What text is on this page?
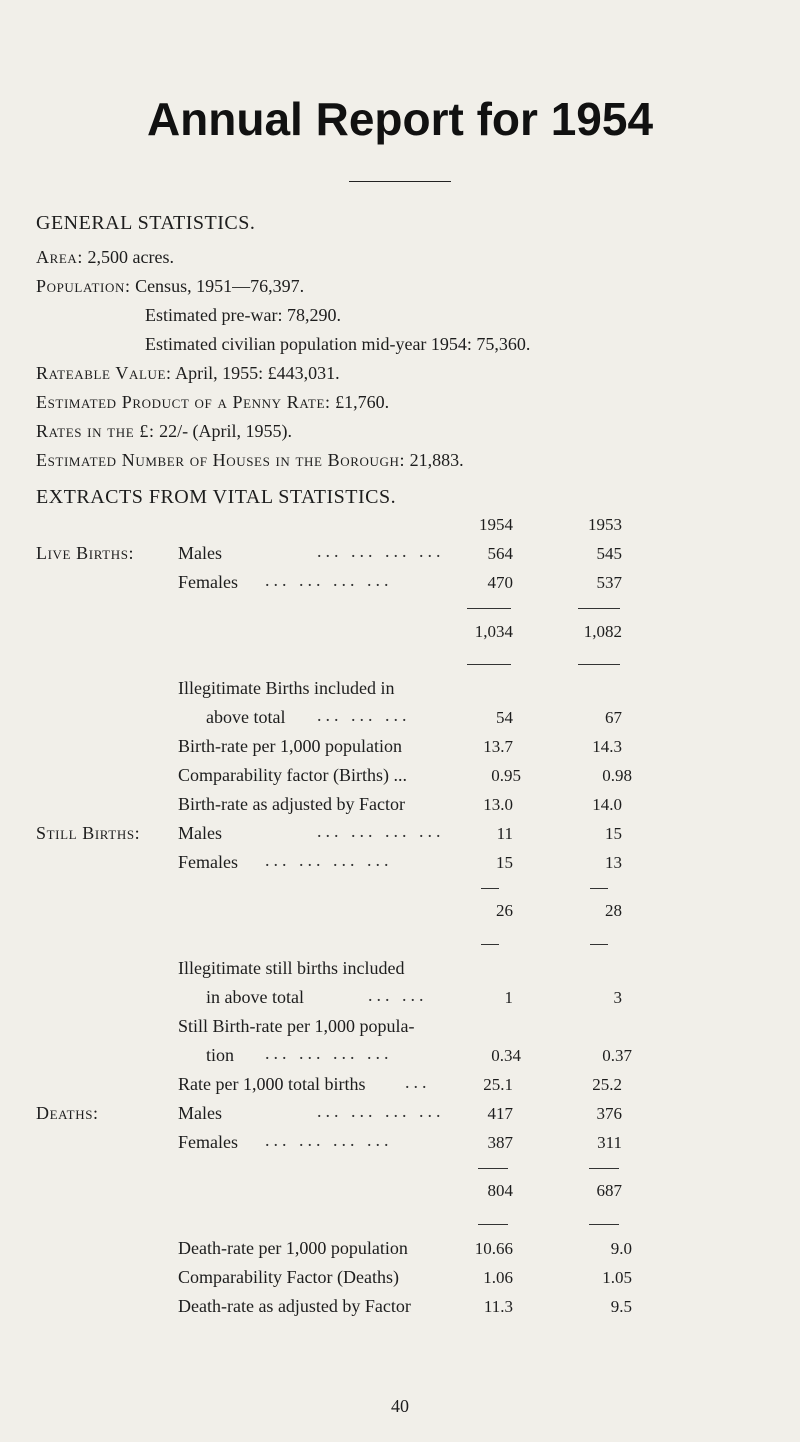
Annual Report for 1954
GENERAL STATISTICS.
Area: 2,500 acres.
Population: Census, 1951—76,397.
Estimated pre-war: 78,290.
Estimated civilian population mid-year 1954: 75,360.
Rateable Value: April, 1955: £443,031.
Estimated Product of a Penny Rate: £1,760.
Rates in the £: 22/- (April, 1955).
Estimated Number of Houses in the Borough: 21,883.
EXTRACTS FROM VITAL STATISTICS.
1954	1953
Live Births: Males	... ... ... ...	564	545
Females ... ... ... ...	470	537
1,034	1,082
Illegitimate Births included in
above total ... ... ...	54	67
Birth-rate per 1,000 population	13.7	14.3
Comparability factor (Births) ...	0.95	0.98
Birth-rate as adjusted by Factor	13.0	14.0
Still Births: Males	... ... ... ...	11	15
Females ... ... ... ...	15	13
26	28
Illegitimate still births included
in above total	... ...	1	3
Still Birth-rate per 1,000 popula-
tion ... ... ... ...	0.34	0.37
Rate per 1,000 total births ...	25.1	25.2
Deaths:	Males	... ... ... ...	417	376
Females ... ... ... ...	387	311
804	687
Death-rate per 1,000 population	10.66	9.0
Comparability Factor (Deaths)	1.06	1.05
Death-rate as adjusted by Factor	11.3	9.5
40
